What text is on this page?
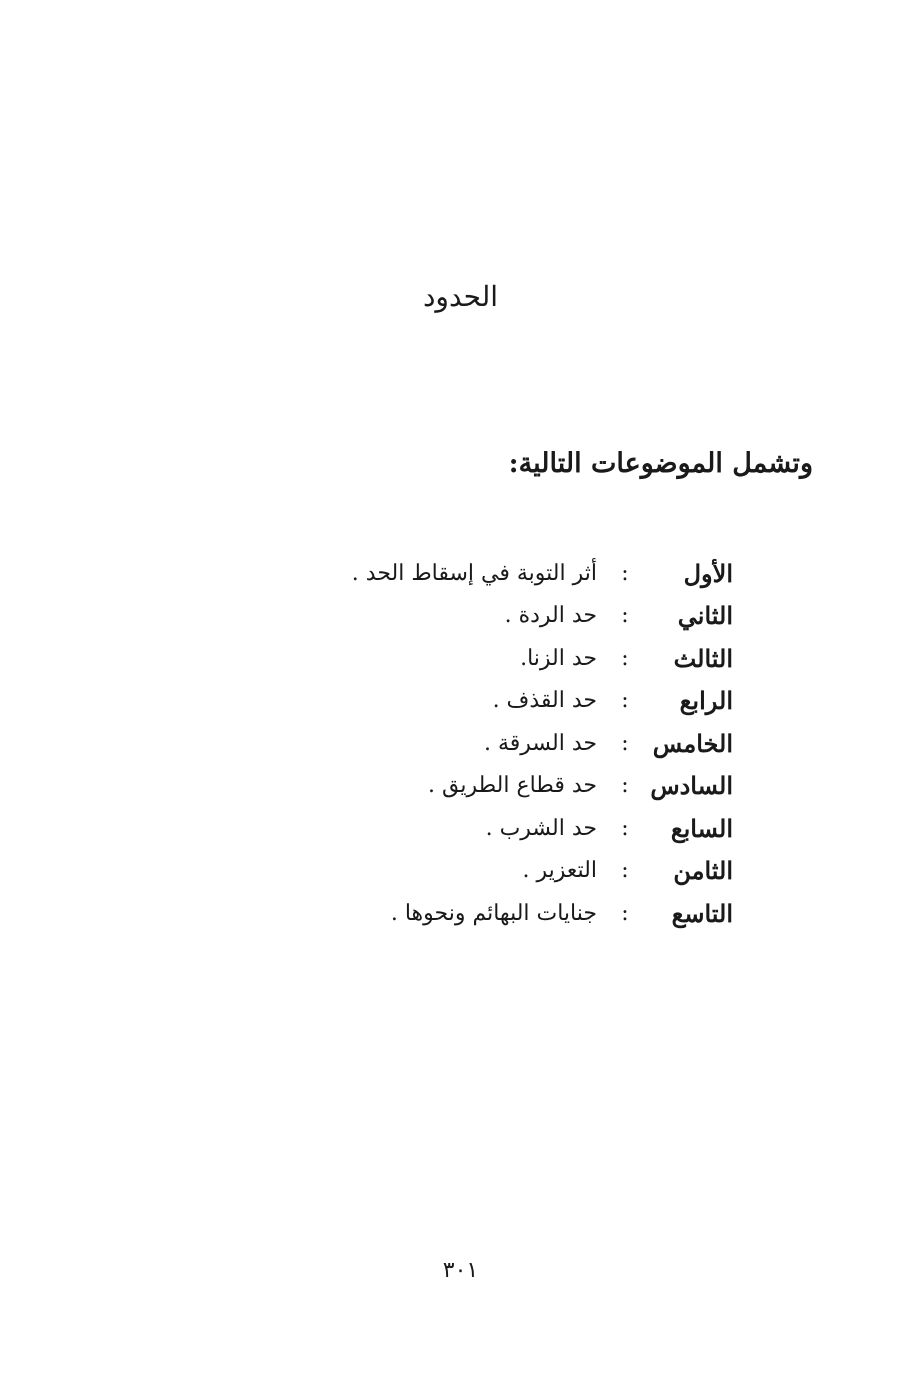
الحدود
وتشمل الموضوعات التالية:
الأول
:
أثر التوبة في إسقاط الحد .
الثاني
:
حد الردة .
الثالث
:
حد الزنا.
الرابع
:
حد القذف .
الخامس
:
حد السرقة .
السادس
:
حد قطاع الطريق .
السابع
:
حد الشرب .
الثامن
:
التعزير .
التاسع
:
جنايات البهائم ونحوها .
٣٠١
